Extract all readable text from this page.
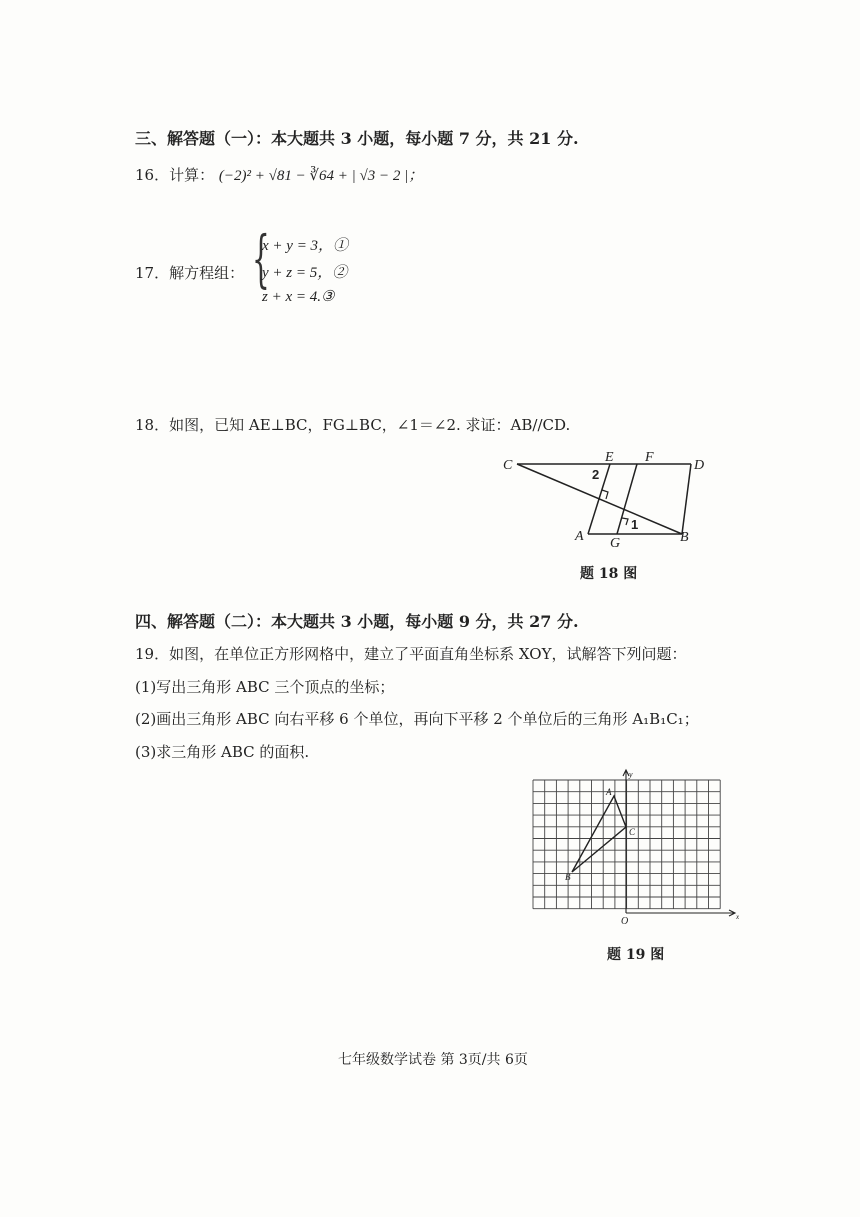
三、解答题（一）：本大题共 3 小题，每小题 7 分，共 21 分.
16．计算： (−2)² + √81 − ∛64 + | √3 − 2 |；
17．解方程组： {
x + y = 3，①
y + z = 5，②
z + x = 4.③
18．如图，已知 AE⊥BC，FG⊥BC，∠1＝∠2. 求证：AB//CD.
C
E F
D
A G	B
2
1
题 18 图
四、解答题（二）：本大题共 3 小题，每小题 9 分，共 27 分.
19．如图，在单位正方形网格中，建立了平面直角坐标系 XOY，试解答下列问题：
(1)写出三角形 ABC 三个顶点的坐标；
(2)画出三角形 ABC 向右平移 6 个单位，再向下平移 2 个单位后的三角形 A₁B₁C₁；
(3)求三角形 ABC 的面积.
A
B
C
y
x
O
题 19 图
七年级数学试卷 第 3页/共 6页
